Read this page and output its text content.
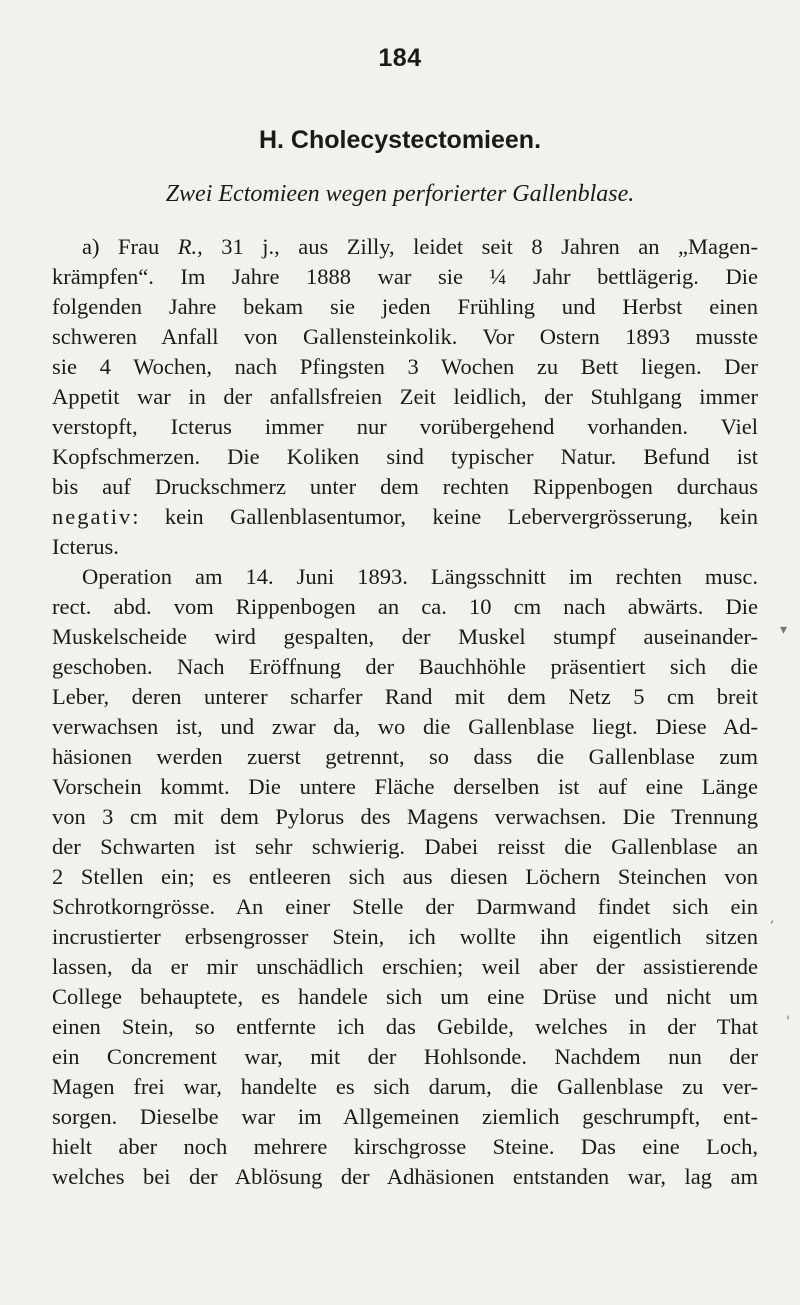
184
H. Cholecystectomieen.
Zwei Ectomieen wegen perforierter Gallenblase.
a) Frau R., 31 j., aus Zilly, leidet seit 8 Jahren an „Magen-
krämpfen“. Im Jahre 1888 war sie ¼ Jahr bettlägerig. Die
folgenden Jahre bekam sie jeden Frühling und Herbst einen
schweren Anfall von Gallensteinkolik. Vor Ostern 1893 musste
sie 4 Wochen, nach Pfingsten 3 Wochen zu Bett liegen. Der
Appetit war in der anfallsfreien Zeit leidlich, der Stuhlgang immer
verstopft, Icterus immer nur vorübergehend vorhanden. Viel
Kopfschmerzen. Die Koliken sind typischer Natur. Befund ist
bis auf Druckschmerz unter dem rechten Rippenbogen durchaus
negativ: kein Gallenblasentumor, keine Lebervergrösserung, kein
Icterus.
Operation am 14. Juni 1893. Längsschnitt im rechten musc.
rect. abd. vom Rippenbogen an ca. 10 cm nach abwärts. Die
Muskelscheide wird gespalten, der Muskel stumpf auseinander-
geschoben. Nach Eröffnung der Bauchhöhle präsentiert sich die
Leber, deren unterer scharfer Rand mit dem Netz 5 cm breit
verwachsen ist, und zwar da, wo die Gallenblase liegt. Diese Ad-
häsionen werden zuerst getrennt, so dass die Gallenblase zum
Vorschein kommt. Die untere Fläche derselben ist auf eine Länge
von 3 cm mit dem Pylorus des Magens verwachsen. Die Trennung
der Schwarten ist sehr schwierig. Dabei reisst die Gallenblase an
2 Stellen ein; es entleeren sich aus diesen Löchern Steinchen von
Schrotkorngrösse. An einer Stelle der Darmwand findet sich ein
incrustierter erbsengrosser Stein, ich wollte ihn eigentlich sitzen
lassen, da er mir unschädlich erschien; weil aber der assistierende
College behauptete, es handele sich um eine Drüse und nicht um
einen Stein, so entfernte ich das Gebilde, welches in der That
ein Concrement war, mit der Hohlsonde. Nachdem nun der
Magen frei war, handelte es sich darum, die Gallenblase zu ver-
sorgen. Dieselbe war im Allgemeinen ziemlich geschrumpft, ent-
hielt aber noch mehrere kirschgrosse Steine. Das eine Loch,
welches bei der Ablösung der Adhäsionen entstanden war, lag am
▾
'
,
